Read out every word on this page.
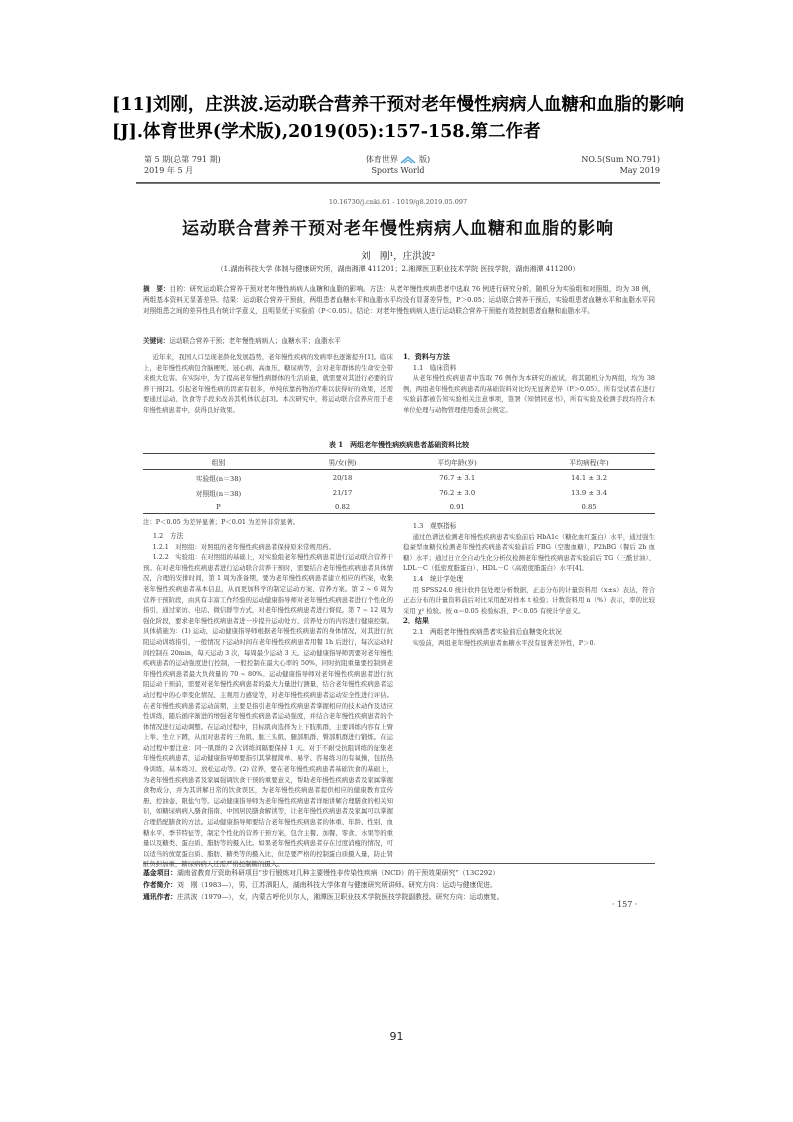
[11]刘刚，庄洪波.运动联合营养干预对老年慢性病病人血糖和血脂的影响[J].体育世界(学术版),2019(05):157-158.第二作者
第 5 期(总第 791 期)
2019 年 5 月
体育世界	版)
Sports World
NO.5(Sum NO.791)
May 2019
10.16730/j.cnki.61 - 1019/g8.2019.05.097
运动联合营养干预对老年慢性病病人血糖和血脂的影响
刘　刚¹，庄洪波²
（1.湖南科技大学 体制与健康研究所，湖南湘潭 411201；2.湘潭医卫职业技术学院 医技学院，湖南湘潭 411200）
摘　要：目的：研究运动联合营养干预对老年慢性病病人血糖和血脂的影响。方法：从老年慢性疾病患者中选取 76 例进行研究分析，随机分为实验组和对照组，均为 38 例，两组基本资料无显著差异。结果：运动联合营养干预前，两组患者血糖水平和血脂水平均没有显著差异性，P＞0.05；运动联合营养干预后，实验组患者血糖水平和血脂水平同对照组患之间的差异性具有统计学意义，且明显优于实验前（P＜0.05）。结论：对老年慢性病病人进行运动联合营养干预能有效控制患者血糖和血脂水平。
关键词：运动联合营养干预；老年慢性病病人；血糖水平；血脂水平

近年来，我国人口呈现老龄化发展趋势，老年慢性疾病的发病率也逐渐提升[1]。临床上，老年慢性疾病包含脑梗死、冠心病、高血压、糖尿病等，会对老年群体的生命安全带来极大危害。在实际中，为了提高老年慢性病群体的生活质量，就需要对其进行必要的营养干预[2]。引起老年慢性病的因素有很多，单纯依靠药物治疗难以获得好的效果，还需要通过运动、饮食等手段来改善其机体状态[3]。本次研究中，将运动联合营养应用于老年慢性病患者中，获得良好效果。

1．资料与方法
1.1　临床资料

从老年慢性疾病患者中选取 76 例作为本研究的被试，将其随机分为两组，均为 38 例，两组老年慢性疾病患者的基础资料对比均无显著差异（P＞0.05）。所有受试者在进行实验前都被告知实验相关注意事项，签署《知情同意书》，所有实验及检测手段均符合本单位伦理与动物管理使用委员会规定。

表 1　两组老年慢性病疾病患者基础资料比较
组别	男/女(例)	平均年龄(岁)	平均病程(年)
实验组(n＝38)	20/18	76.7 ± 3.1	14.1 ± 3.2
对照组(n＝38)	21/17	76.2 ± 3.0	13.9 ± 3.4
P	0.82	0.91	0.85
注：P＜0.05 为差异显著；P＜0.01 为差异非常显著。
1.2　方法

1.2.1　对照组：对照组的老年慢性疾病患者保持原来常规用药。

1.2.2　实验组：在对照组的基础上，对实验组老年慢性疾病患者进行运动联合营养干预。在对老年慢性疾病患者进行运动联合营养干预时，需要结合老年慢性疾病患者具体情况，合理的安排时间，第 1 周为准备期，要为老年慢性疾病患者建立相应的档案，收集老年慢性疾病患者基本信息，从而更加科学的制定运动方案、营养方案。第 2 ~ 6 周为营养干预阶段，由具有丰富工作经验的运动健康指导师对老年慢性疾病患者进行个性化的指引，通过家访、电话、微信群等方式，对老年慢性疾病患者进行督促。第 7 ~ 12 周为强化阶段，要求老年慢性疾病患者进一步提升运动处方、营养处方的内容进行健康控制。具体措施为：(1) 运动，运动健康指导师根据老年慢性疾病患者的身体情况，对其进行抗阻运动训练指引，一般情况下运动时间在老年慢性疾病患者用餐 1h 后进行，每次运动时间控制在 20min，每天运动 3 次，每周最少运动 3 天。运动健康指导师需要对老年慢性疾病患者的运动强度进行控制，一般控制在最大心率的 50%，同时抗阻重量要控制到老年慢性疾病患者最大负荷量的 70 ~ 80%。运动健康指导师对老年慢性疾病患者进行抗阻运动干预前，需要对老年慢性疾病患者的最大力量进行测量，结合老年慢性疾病患者运动过程中的心率变化情况、主观用力感觉等，对老年慢性疾病患者运动安全性进行评估。在老年慢性疾病患者运动前期，主要是指引老年慢性疾病患者掌握相应的技术动作及适应性训练，随后循序渐进的增强老年慢性疾病患者运动强度，并结合老年慢性疾病患者的个体情况进行运动调整。在运动过程中，目标肌肉选择为上下肢肌群，主要训练内容有上臂上举、坐立下蹲，从而对患者的三角肌、肱三头肌、腿部肌群、臀部肌群进行锻炼。在运动过程中要注意：同一肌群的 2 次训练间隔要保持 1 天。对于不耐受抗阻训练的征集老年慢性疾病患者，运动健康指导师要指引其掌握简单、易学、容易练习的有氧操，包括热身训练、基本练习、放松运动等。(2) 营养，要在老年慢性疾病患者基础饮食的基础上，为老年慢性疾病患者及家属强调饮食干预的重要意义，帮助老年慢性疾病患者及家属掌握食物成分，并为其讲解日常的饮食误区，为老年慢性疾病患者提供相应的健康教育宣传册、控油壶、限盐勺等。运动健康指导师为老年慢性疾病患者详细讲解合理膳食的相关知识，如糖尿病病人膳食指南、中国居民膳食解读等，让老年慢性疾病患者及家属可以掌握合理搭配膳食的方法。运动健康指导师要结合老年慢性疾病患者的体重、年龄、性别、血糖水平、季节特征等，制定个性化的营养干预方案，包含主餐、加餐、零食、水果等的重量以及糖类、蛋白质、脂肪等的摄入比。如果老年慢性疾病患者存在过度消瘦的情况，可以适当的放宽蛋白质、脂肪、糖类等的摄入比，但是要严格的控制蛋白质摄入量，防止肾脏负担加重，糖尿病病人还需严格控制糖的摄入。

1.3　观察指标

通过色谱法检测老年慢性疾病患者实验前后 HbA1c（糖化血红蛋白）水平，通过强生稳豪型血糖仪检测老年慢性疾病患者实验前后 FBG（空腹血糖）、P2hBG（餐后 2h 血糖）水平；通过日立全自动生化分析仪检测老年慢性疾病患者实验前后 TG（三酰甘油）、LDL－C（低密度脂蛋白）、HDL－C（高密度脂蛋白）水平[4]。

1.4　统计学处理

用 SPSS24.0 统计软件包处理分析数据，正态分布的计量资料用（x±s）表达，符合正态分布的计量资料前后对比采用配对样本 t 检验；计数资料用 n（%）表示，率的比较采用 χ² 检验。按 α＝0.05 检验标准，P＜0.05 有统计学意义。

2．结果
2.1　两组老年慢性疾病患者实验前后血糖变化状况

实验前，两组老年慢性疾病患者血糖水平没有显著差异性，P＞0.

基金项目：湖南省教育厅资助科研项目“步行锻炼对几种主要慢性非传染性疾病（NCD）的干预效果研究”（13C292）
作者简介：刘　刚（1983—），男，江苏泗阳人，湖南科技大学体育与健康研究所讲师。研究方向：运动与健康促进。
通讯作者：庄洪波（1979—），女，内蒙古呼伦贝尔人，湘潭医卫职业技术学院医技学院副教授。研究方向：运动康复。
· 157 ·
91
